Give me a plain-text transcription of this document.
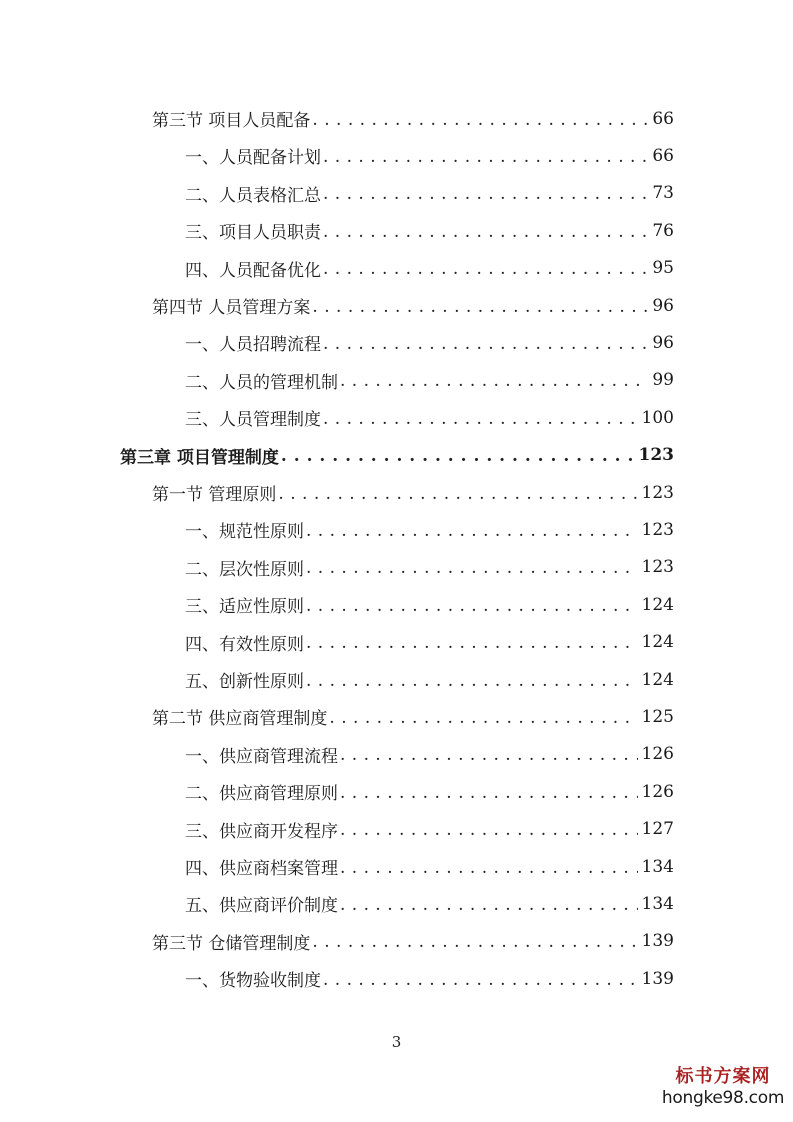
第三节 项目人员配备 . . .	66
一、人员配备计划 . . .	66
二、人员表格汇总 . . .	73
三、项目人员职责 . . .	76
四、人员配备优化 . . .	95
第四节 人员管理方案 . . .	96
一、人员招聘流程 . . .	96
二、人员的管理机制 . . .	99
三、人员管理制度 . . .	100
第三章 项目管理制度 . . .	123
第一节 管理原则 . . .	123
一、规范性原则 . . .	123
二、层次性原则 . . .	123
三、适应性原则 . . .	124
四、有效性原则 . . .	124
五、创新性原则 . . .	124
第二节 供应商管理制度 . . .	125
一、供应商管理流程 . . .	126
二、供应商管理原则 . . .	126
三、供应商开发程序 . . .	127
四、供应商档案管理 . . .	134
五、供应商评价制度 . . .	134
第三节 仓储管理制度 . . .	139
一、货物验收制度 . . .	139
3
标书方案网
hongke98.com
